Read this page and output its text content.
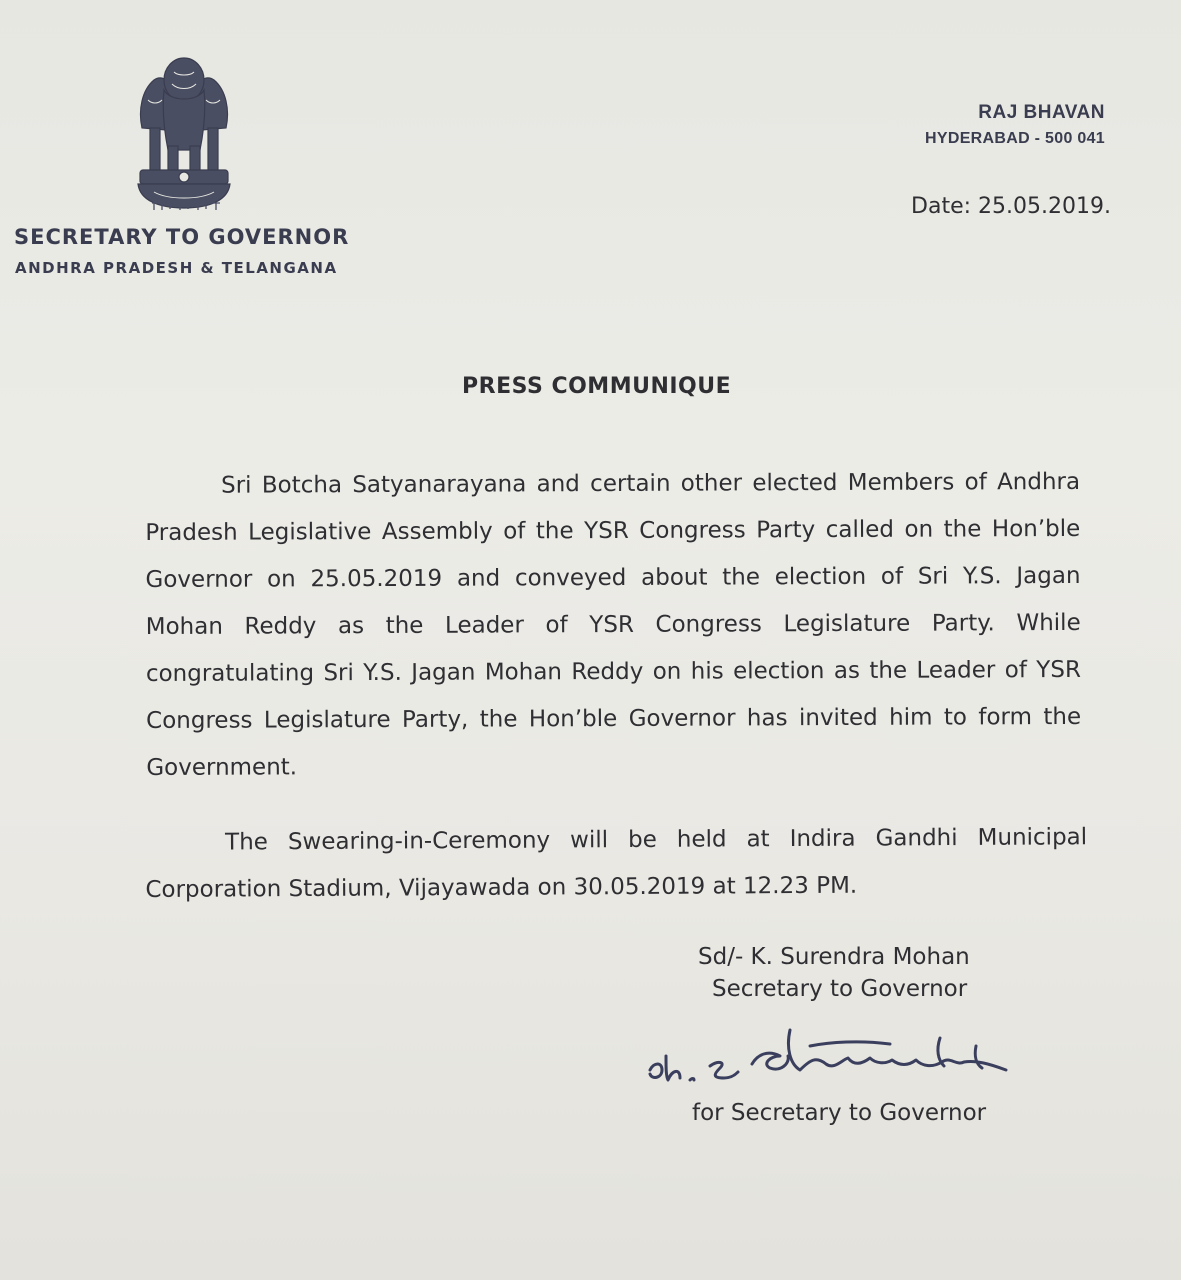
SECRETARY TO GOVERNOR
ANDHRA PRADESH & TELANGANA
RAJ BHAVAN
HYDERABAD - 500 041
Date: 25.05.2019.
PRESS COMMUNIQUE
Sri Botcha Satyanarayana and certain other elected Members of Andhra Pradesh Legislative Assembly of the YSR Congress Party called on the Hon’ble Governor on 25.05.2019 and conveyed about the election of Sri Y.S. Jagan Mohan Reddy as the Leader of YSR Congress Legislature Party. While congratulating Sri Y.S. Jagan Mohan Reddy on his election as the Leader of YSR Congress Legislature Party, the Hon’ble Governor has invited him to form the Government.
The Swearing-in-Ceremony will be held at Indira Gandhi Municipal Corporation Stadium, Vijayawada on 30.05.2019 at 12.23 PM.
Sd/- K. Surendra Mohan
Secretary to Governor
for Secretary to Governor
